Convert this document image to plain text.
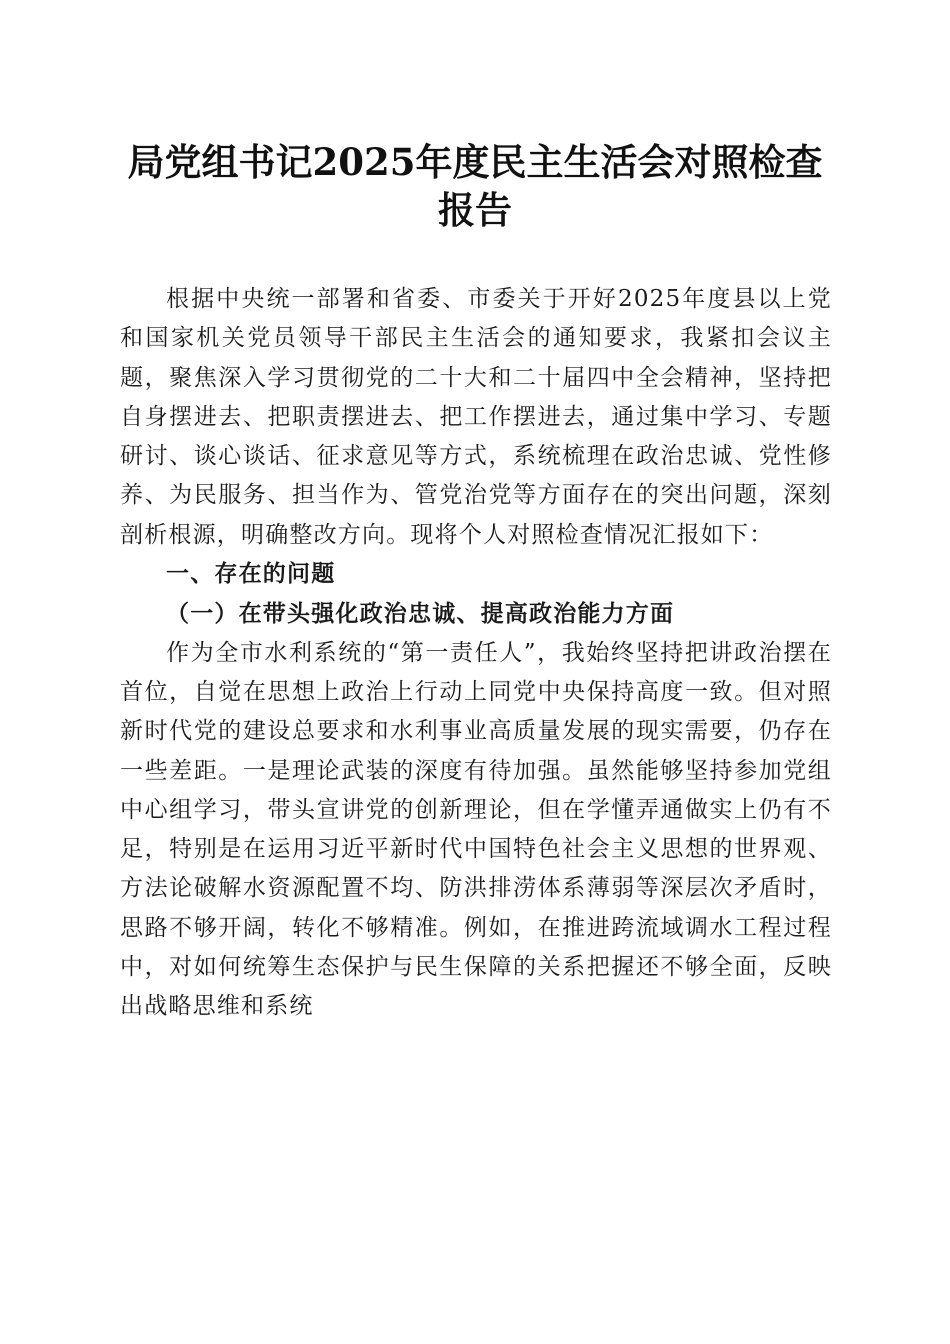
局党组书记2025年度民主生活会对照检查报告

根据中央统一部署和省委、市委关于开好2025年度县以上党和国家机关党员领导干部民主生活会的通知要求，我紧扣会议主题，聚焦深入学习贯彻党的二十大和二十届四中全会精神，坚持把自身摆进去、把职责摆进去、把工作摆进去，通过集中学习、专题研讨、谈心谈话、征求意见等方式，系统梳理在政治忠诚、党性修养、为民服务、担当作为、管党治党等方面存在的突出问题，深刻剖析根源，明确整改方向。现将个人对照检查情况汇报如下：

一、存在的问题

（一）在带头强化政治忠诚、提高政治能力方面

作为全市水利系统的“第一责任人”，我始终坚持把讲政治摆在首位，自觉在思想上政治上行动上同党中央保持高度一致。但对照新时代党的建设总要求和水利事业高质量发展的现实需要，仍存在一些差距。一是理论武装的深度有待加强。虽然能够坚持参加党组中心组学习，带头宣讲党的创新理论，但在学懂弄通做实上仍有不足，特别是在运用习近平新时代中国特色社会主义思想的世界观、方法论破解水资源配置不均、防洪排涝体系薄弱等深层次矛盾时，思路不够开阔，转化不够精准。例如，在推进跨流域调水工程过程中，对如何统筹生态保护与民生保障的关系把握还不够全面，反映出战略思维和系统
